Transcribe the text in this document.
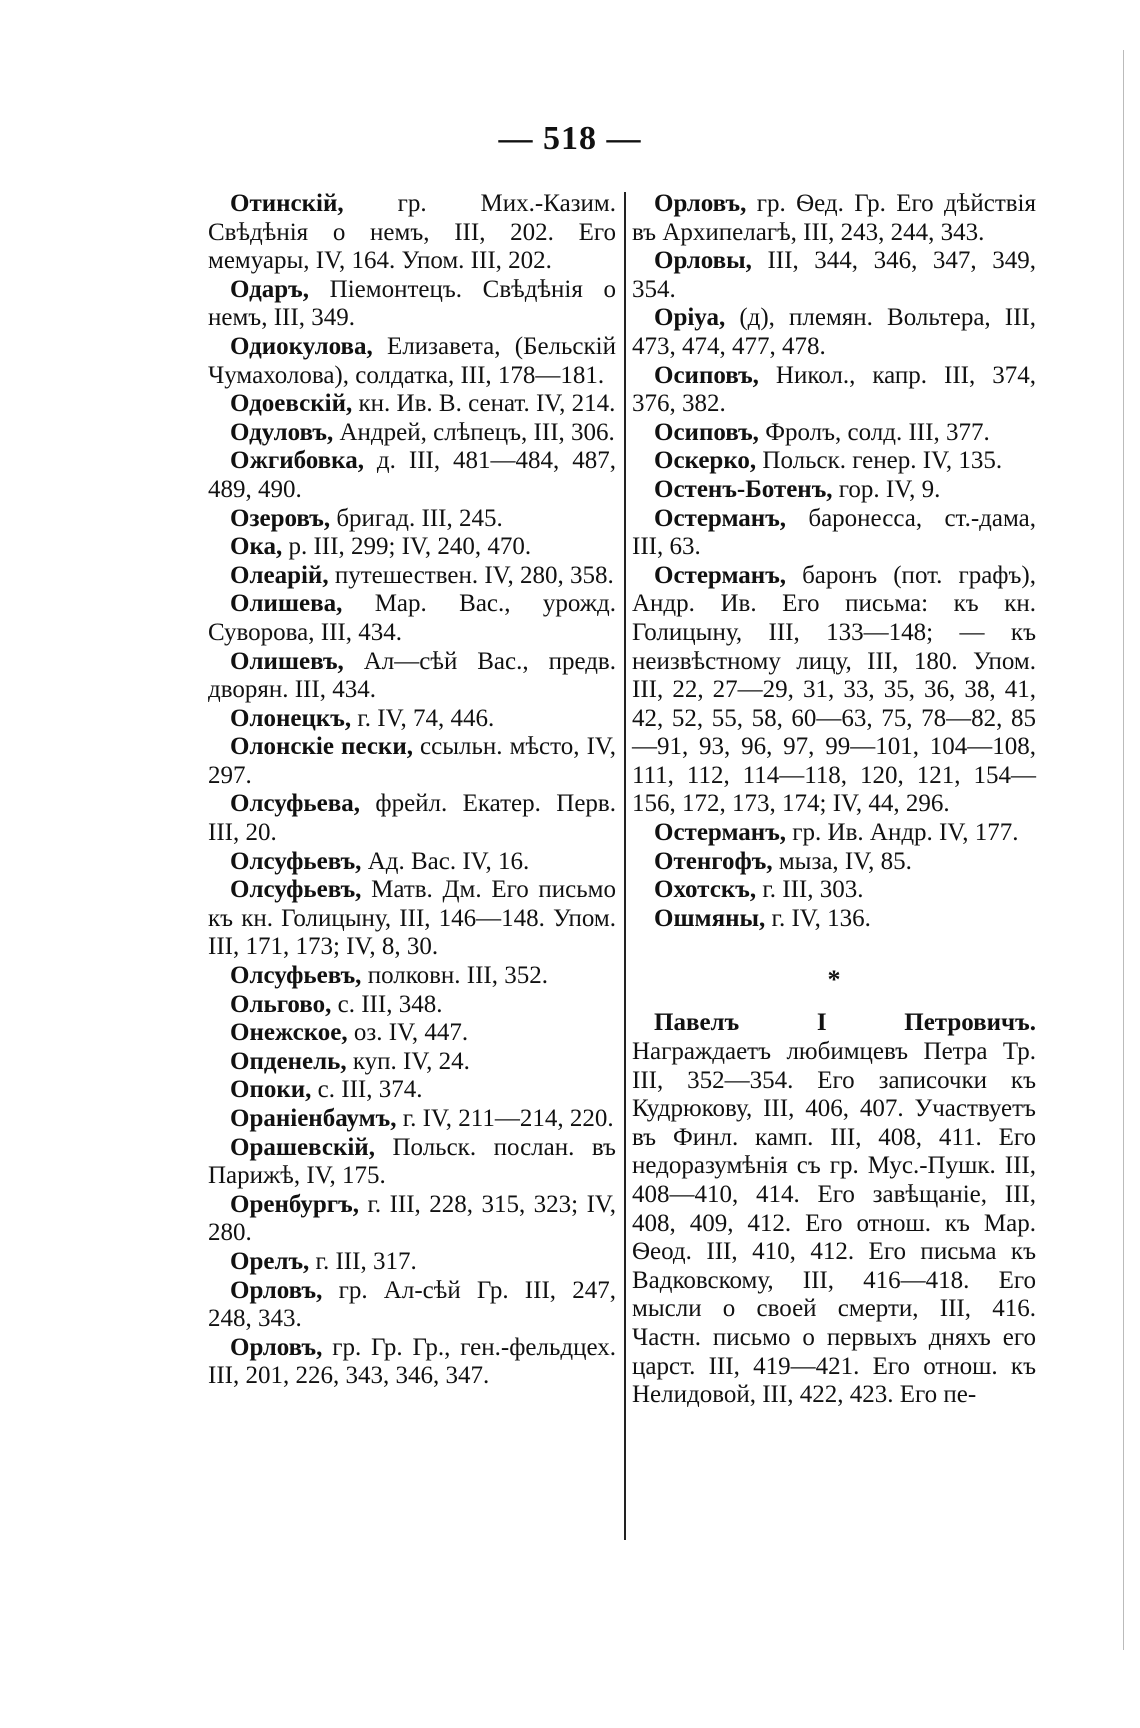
— 518 —

Отинскiй, гр. Мих.-Казим. Свѣдѣнiя о немъ, III, 202. Его мемуары, IV, 164. Упом. III, 202.

Одаръ, Пiемонтецъ. Свѣдѣнiя о немъ, III, 349.

Одиокулова, Елизавета, (Бельскій Чумахолова), солдатка, III, 178—181.

Одоевскiй, кн. Ив. В. сенат. IV, 214.

Одуловъ, Андрей, слѣпецъ, III, 306.

Ожгибовка, д. III, 481—484, 487, 489, 490.

Озеровъ, бригад. III, 245.

Ока, р. III, 299; IV, 240, 470.

Олеарiй, путешествен. IV, 280, 358.

Олишева, Мар. Вас., урожд. Суворова, III, 434.

Олишевъ, Ал—сѣй Вас., предв. дворян. III, 434.

Олонецкъ, г. IV, 74, 446.

Олонскiе пески, ссыльн. мѣсто, IV, 297.

Олсуфьева, фрейл. Екатер. Перв. III, 20.

Олсуфьевъ, Ад. Вас. IV, 16.

Олсуфьевъ, Матв. Дм. Его письмо къ кн. Голицыну, III, 146—148. Упом. III, 171, 173; IV, 8, 30.

Олсуфьевъ, полковн. III, 352.

Ольгово, с. III, 348.

Онежское, оз. IV, 447.

Опденель, куп. IV, 24.

Опоки, с. III, 374.

Оранiенбаумъ, г. IV, 211—214, 220.

Орашевскiй, Польск. послан. въ Парижѣ, IV, 175.

Оренбургъ, г. III, 228, 315, 323; IV, 280.

Орелъ, г. III, 317.

Орловъ, гр. Ал-сѣй Гр. III, 247, 248, 343.

Орловъ, гр. Гр. Гр., ген.-фельдцех. III, 201, 226, 343, 346, 347.

Орловъ, гр. Ѳед. Гр. Его дѣйствiя въ Архипелагѣ, III, 243, 244, 343.

Орловы, III, 344, 346, 347, 349, 354.

Орiуа, (д), племян. Вольтера, III, 473, 474, 477, 478.

Осиповъ, Никол., капр. III, 374, 376, 382.

Осиповъ, Фролъ, солд. III, 377.

Оскерко, Польск. генер. IV, 135.

Остенъ-Ботенъ, гор. IV, 9.

Остерманъ, баронесса, ст.-дама, III, 63.

Остерманъ, баронъ (пот. графъ), Андр. Ив. Его письма: къ кн. Голицыну, III, 133—148; — къ неизвѣстному лицу, III, 180. Упом. III, 22, 27—29, 31, 33, 35, 36, 38, 41, 42, 52, 55, 58, 60—63, 75, 78—82, 85—91, 93, 96, 97, 99—101, 104—108, 111, 112, 114—118, 120, 121, 154—156, 172, 173, 174; IV, 44, 296.

Остерманъ, гр. Ив. Андр. IV, 177.

Отенгофъ, мыза, IV, 85.

Охотскъ, г. III, 303.

Ошмяны, г. IV, 136.

*

Павелъ I Петровичъ. Награждаетъ любимцевъ Петра Тр. III, 352—354. Его записочки къ Кудрюкову, III, 406, 407. Участвуетъ въ Финл. камп. III, 408, 411. Его недоразумѣнiя съ гр. Мус.-Пушк. III, 408—410, 414. Его завѣщанiе, III, 408, 409, 412. Его отнош. къ Мар. Ѳеод. III, 410, 412. Его письма къ Вадковскому, III, 416—418. Его мысли о своей смерти, III, 416. Частн. письмо о первыхъ дняхъ его царст. III, 419—421. Его отнош. къ Нелидовой, III, 422, 423. Его пе-
